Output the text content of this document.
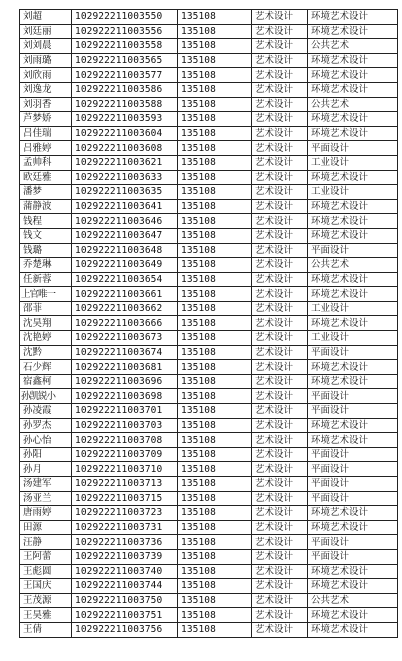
刘超	102922211003550	135108	艺术设计	环境艺术设计
刘廷丽	102922211003556	135108	艺术设计	环境艺术设计
刘刘晨	102922211003558	135108	艺术设计	公共艺术
刘雨璐	102922211003565	135108	艺术设计	环境艺术设计
刘欣雨	102922211003577	135108	艺术设计	环境艺术设计
刘逸龙	102922211003586	135108	艺术设计	环境艺术设计
刘羽香	102922211003588	135108	艺术设计	公共艺术
芦梦娇	102922211003593	135108	艺术设计	环境艺术设计
吕佳瑞	102922211003604	135108	艺术设计	环境艺术设计
吕雅婷	102922211003608	135108	艺术设计	平面设计
孟帅科	102922211003621	135108	艺术设计	工业设计
欧廷雅	102922211003633	135108	艺术设计	环境艺术设计
潘梦	102922211003635	135108	艺术设计	工业设计
蒲静波	102922211003641	135108	艺术设计	环境艺术设计
钱程	102922211003646	135108	艺术设计	环境艺术设计
钱文	102922211003647	135108	艺术设计	环境艺术设计
钱璐	102922211003648	135108	艺术设计	平面设计
乔楚琳	102922211003649	135108	艺术设计	公共艺术
任新蓉	102922211003654	135108	艺术设计	环境艺术设计
上官唯一	102922211003661	135108	艺术设计	环境艺术设计
邵菲	102922211003662	135108	艺术设计	工业设计
沈昊翔	102922211003666	135108	艺术设计	环境艺术设计
沈艳婷	102922211003673	135108	艺术设计	工业设计
沈黔	102922211003674	135108	艺术设计	平面设计
石少辉	102922211003681	135108	艺术设计	环境艺术设计
宿鑫柯	102922211003696	135108	艺术设计	环境艺术设计
孙凯锐小	102922211003698	135108	艺术设计	平面设计
孙凌霞	102922211003701	135108	艺术设计	平面设计
孙罗杰	102922211003703	135108	艺术设计	环境艺术设计
孙心怡	102922211003708	135108	艺术设计	环境艺术设计
孙阳	102922211003709	135108	艺术设计	平面设计
孙月	102922211003710	135108	艺术设计	平面设计
汤建军	102922211003713	135108	艺术设计	平面设计
汤亚兰	102922211003715	135108	艺术设计	平面设计
唐雨婷	102922211003723	135108	艺术设计	环境艺术设计
田源	102922211003731	135108	艺术设计	环境艺术设计
汪静	102922211003736	135108	艺术设计	平面设计
王阿蕾	102922211003739	135108	艺术设计	平面设计
王彪圆	102922211003740	135108	艺术设计	环境艺术设计
王国庆	102922211003744	135108	艺术设计	环境艺术设计
王茂源	102922211003750	135108	艺术设计	公共艺术
王昊雅	102922211003751	135108	艺术设计	环境艺术设计
王倩	102922211003756	135108	艺术设计	环境艺术设计
